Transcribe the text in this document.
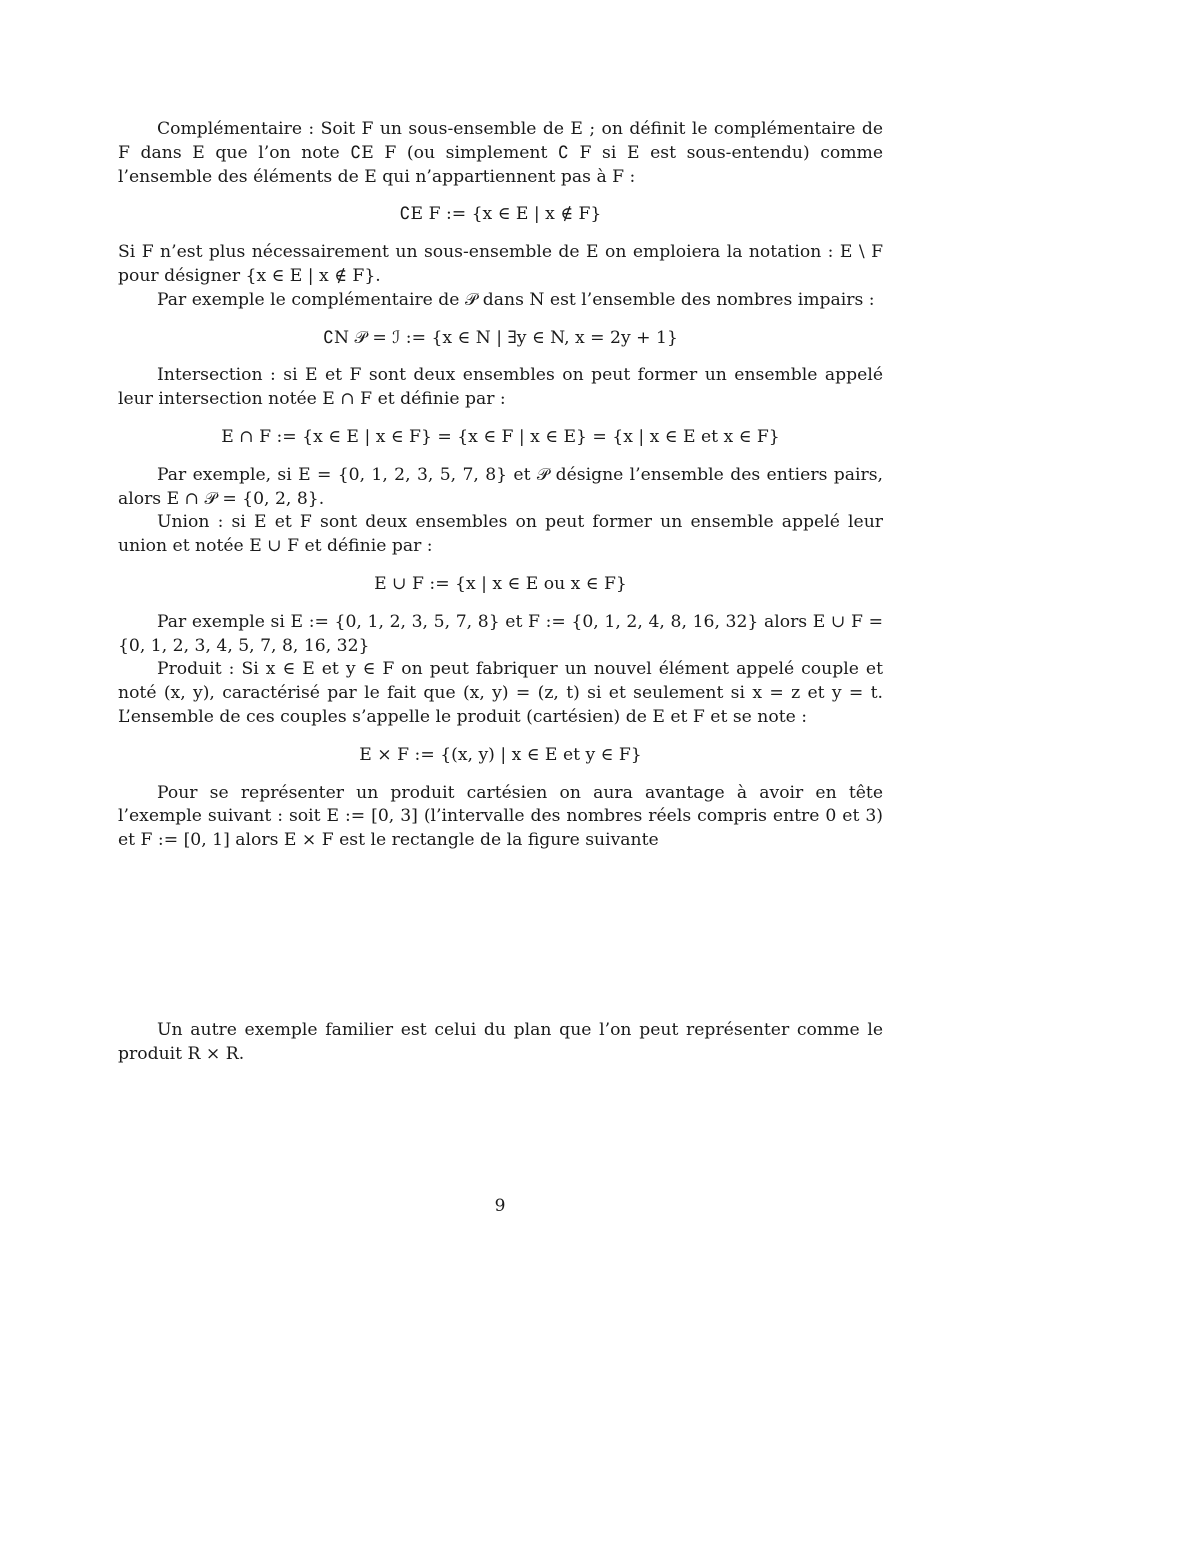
Complémentaire : Soit F un sous-ensemble de E ; on définit le complémentaire de F dans E que l’on note ∁E F (ou simplement ∁ F si E est sous-entendu) comme l’ensemble des éléments de E qui n’appartiennent pas à F :

∁E F := {x ∈ E | x ∉ F}

Si F n’est plus nécessairement un sous-ensemble de E on emploiera la notation : E \ F pour désigner {x ∈ E | x ∉ F}.

Par exemple le complémentaire de 𝒫 dans N est l’ensemble des nombres impairs :

∁N 𝒫 = ℐ := {x ∈ N | ∃y ∈ N, x = 2y + 1}

Intersection : si E et F sont deux ensembles on peut former un ensemble appelé leur intersection notée E ∩ F et définie par :

E ∩ F := {x ∈ E | x ∈ F} = {x ∈ F | x ∈ E} = {x | x ∈ E et x ∈ F}

Par exemple, si E = {0, 1, 2, 3, 5, 7, 8} et 𝒫 désigne l’ensemble des entiers pairs, alors E ∩ 𝒫 = {0, 2, 8}.

Union : si E et F sont deux ensembles on peut former un ensemble appelé leur union et notée E ∪ F et définie par :

E ∪ F := {x | x ∈ E ou x ∈ F}

Par exemple si E := {0, 1, 2, 3, 5, 7, 8} et F := {0, 1, 2, 4, 8, 16, 32} alors E ∪ F = {0, 1, 2, 3, 4, 5, 7, 8, 16, 32}

Produit : Si x ∈ E et y ∈ F on peut fabriquer un nouvel élément appelé couple et noté (x, y), caractérisé par le fait que (x, y) = (z, t) si et seulement si x = z et y = t. L’ensemble de ces couples s’appelle le produit (cartésien) de E et F et se note :

E × F := {(x, y) | x ∈ E et y ∈ F}

Pour se représenter un produit cartésien on aura avantage à avoir en tête l’exemple suivant : soit E := [0, 3] (l’intervalle des nombres réels compris entre 0 et 3) et F := [0, 1] alors E × F est le rectangle de la figure suivante

Un autre exemple familier est celui du plan que l’on peut représenter comme le produit R × R.

9
